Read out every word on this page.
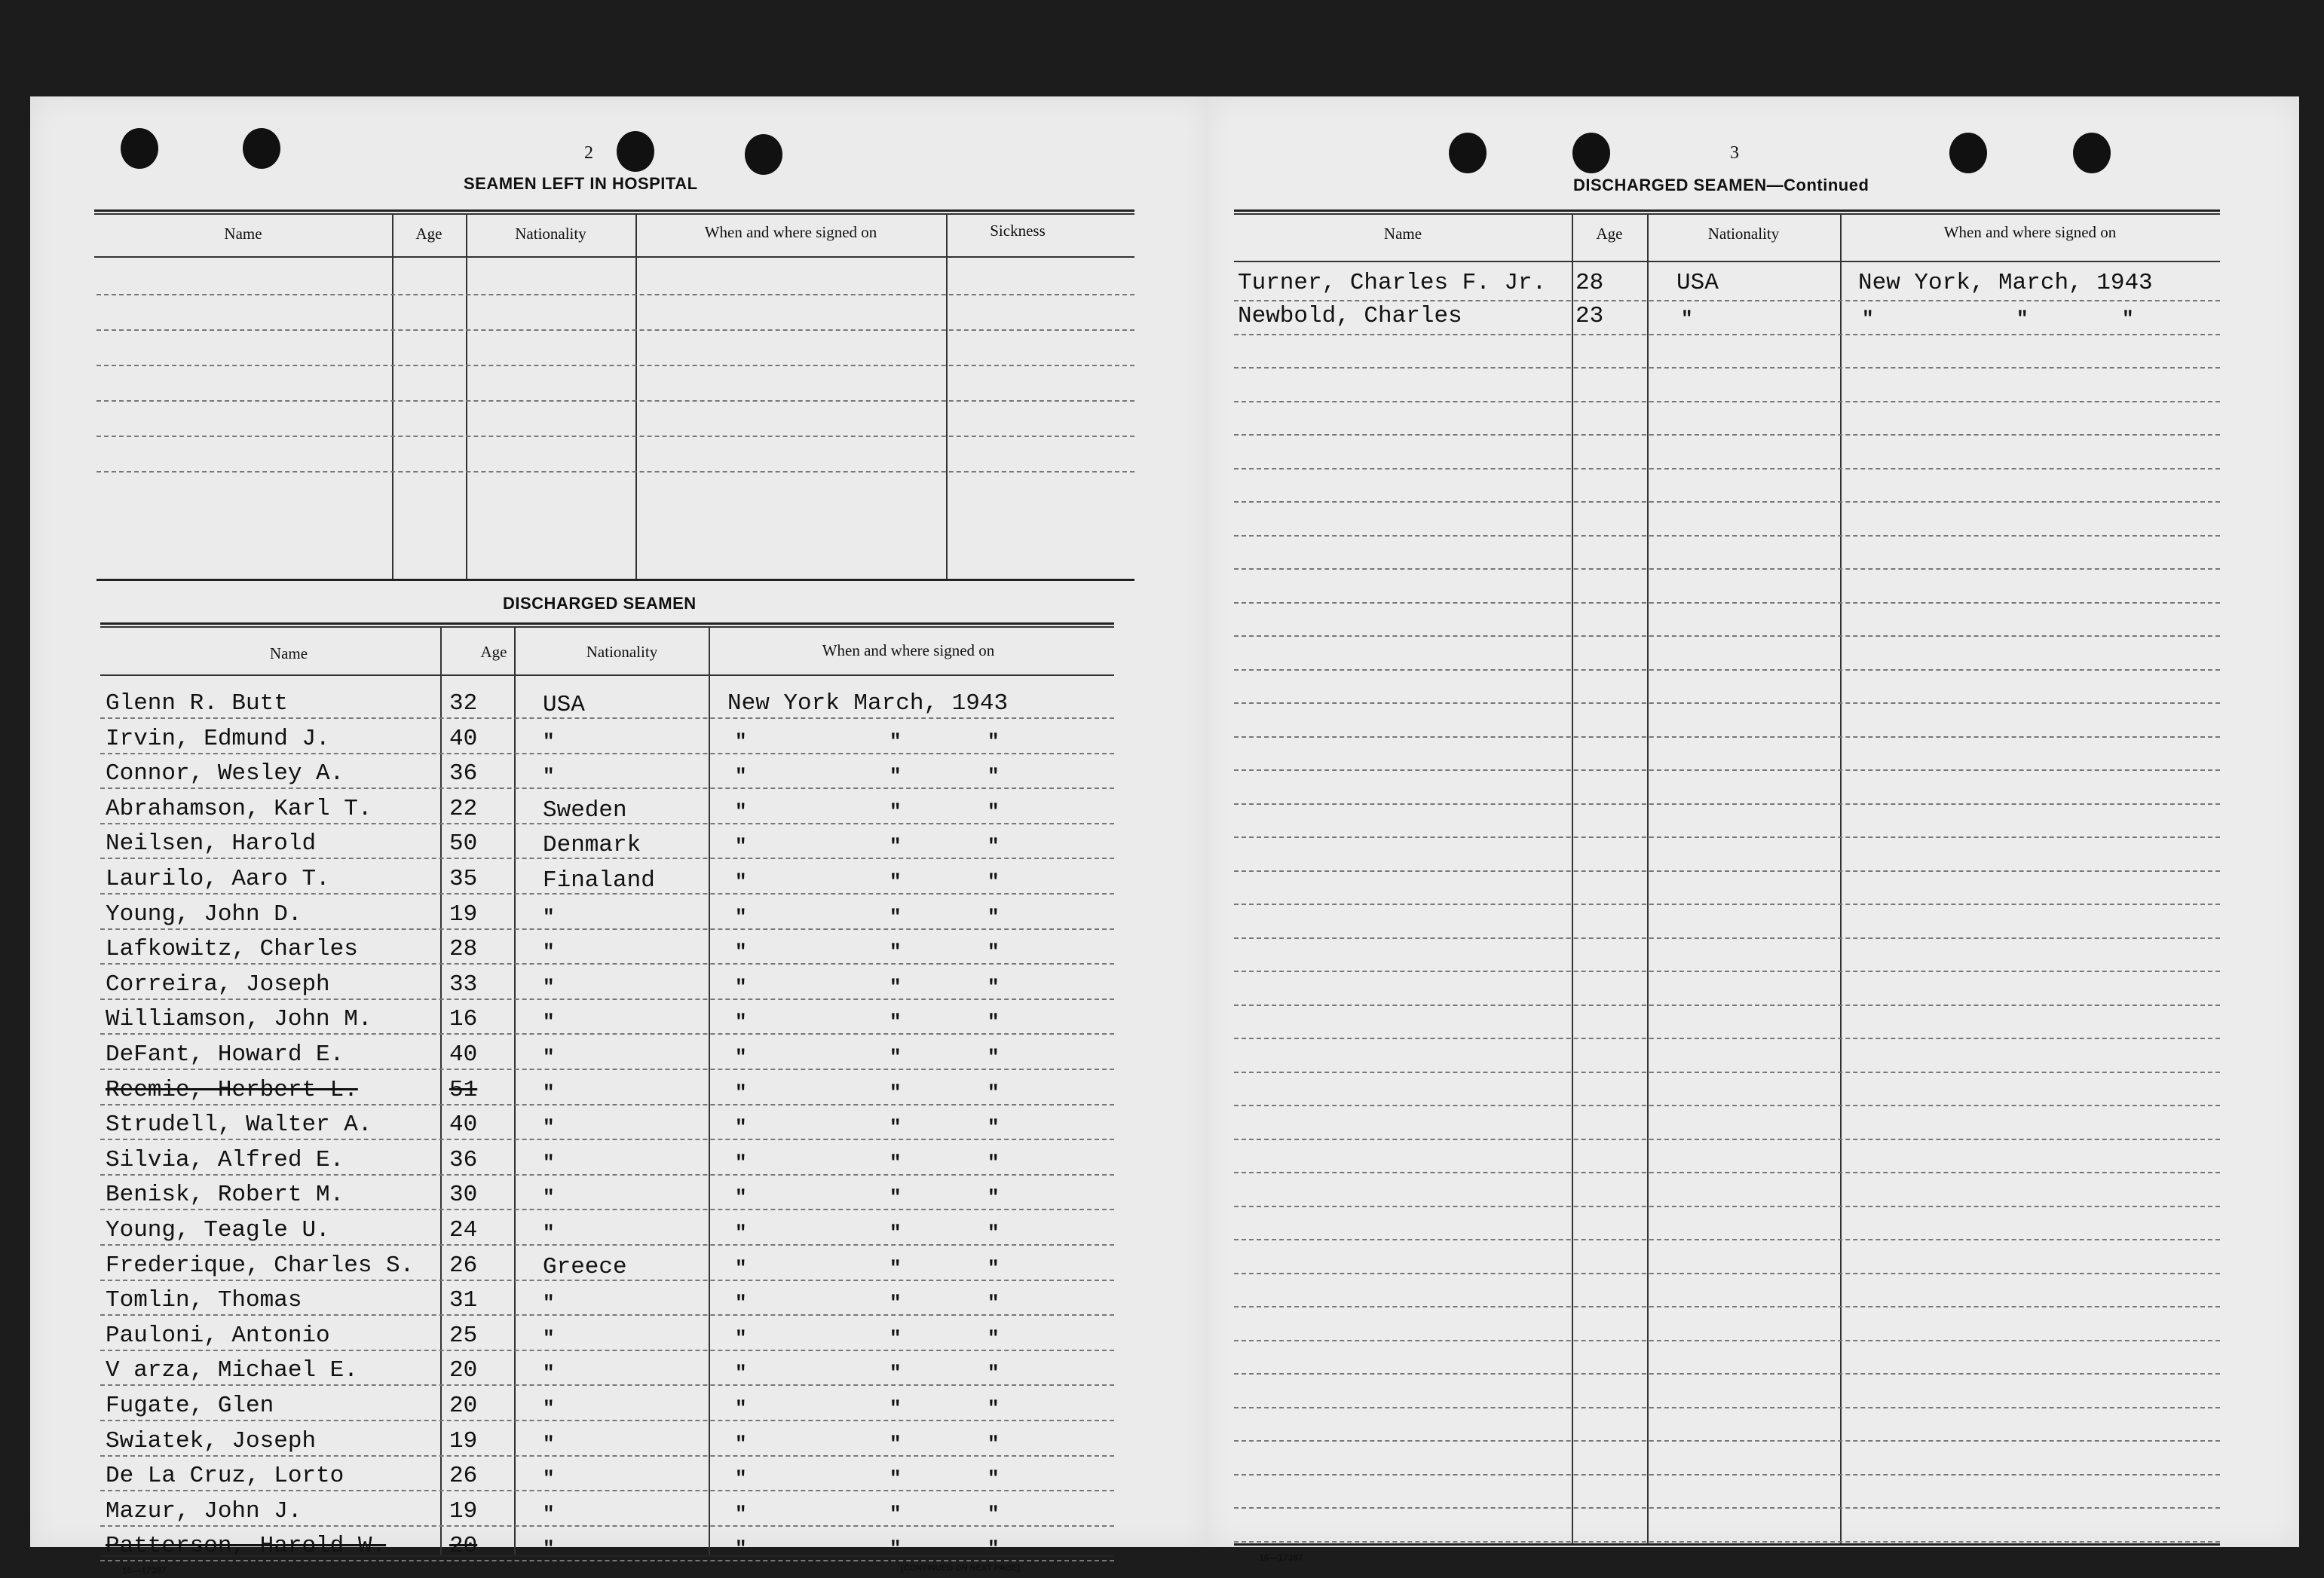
2
SEAMEN LEFT IN HOSPITAL
Name	Age	Nationality	When and where signed on	Sickness
DISCHARGED SEAMEN
Name	Age	Nationality	When and where signed on
Glenn R. Butt	32	USA	New York March, 1943
Irvin, Edmund J.	40	"	"	"	"
Connor, Wesley A.	36	"	"	"	"
Abrahamson, Karl T.	22	Sweden	"	"	"
Neilsen, Harold	50	Denmark	"	"	"
Laurilo, Aaro T.	35	Finaland	"	"	"
Young, John D.	19	"	"	"	"
Lafkowitz, Charles	28	"	"	"	"
Correira, Joseph	33	"	"	"	"
Williamson, John M.	16	"	"	"	"
DeFant, Howard E.	40	"	"	"	"
Reemie, Herbert L.	51	"	"	"	"
Strudell, Walter A.	40	"	"	"	"
Silvia, Alfred E.	36	"	"	"	"
Benisk, Robert M.	30	"	"	"	"
Young, Teagle U.	24	"	"	"	"
Frederique, Charles S. 26	Greece	"	"	"
Tomlin, Thomas	31	"	"	"	"
Pauloni, Antonio	25	"	"	"	"
V arza, Michael E.	20	"	"	"	"
Fugate, Glen	20	"	"	"	"
Swiatek, Joseph	19	"	"	"	"
De La Cruz, Lorto	26	"	"	"	"
Mazur, John J.	19	"	"	"	"
Patterson, Harold W.	20	"	"	"	"
16—17387	[CONTINUED ON NEXT PAGE]
3
DISCHARGED SEAMEN—Continued
Name	Age	Nationality	When and where signed on
Turner, Charles F. Jr. 28	USA	New York, March, 1943
Newbold, Charles	23	"	"	"	"
16—17387
